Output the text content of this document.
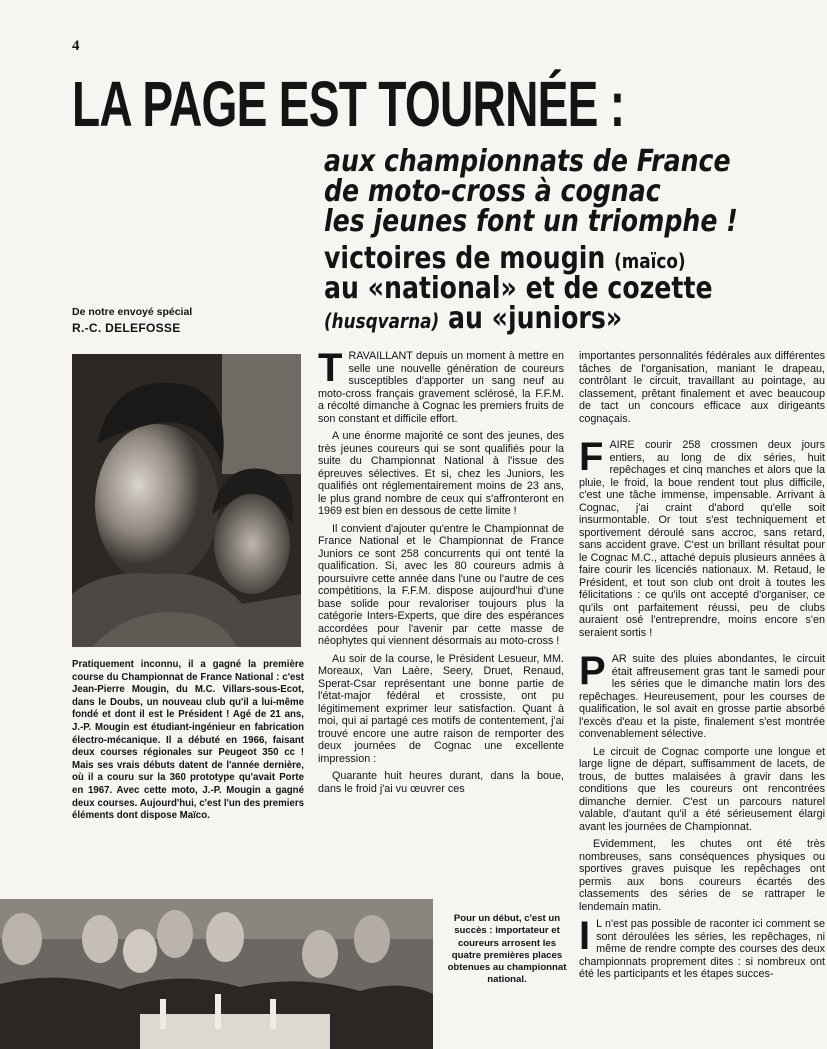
4
LA PAGE EST TOURNÉE :
aux championnats de France
de moto-cross à cognac
les jeunes font un triomphe !
victoires de mougin (maïco)
au «national» et de cozette
(husqvarna) au «juniors»
De notre envoyé spécial
R.-C. DELEFOSSE
Pratiquement inconnu, il a gagné la première course du Championnat de France National : c'est Jean-Pierre Mougin, du M.C. Villars-sous-Ecot, dans le Doubs, un nouveau club qu'il a lui-même fondé et dont il est le Président ! Agé de 21 ans, J.-P. Mougin est étudiant-ingénieur en fabrication électro-mécanique. Il a débuté en 1966, faisant deux courses régionales sur Peugeot 350 cc ! Mais ses vrais débuts datent de l'année dernière, où il a couru sur la 360 prototype qu'avait Porte en 1967. Avec cette moto, J.-P. Mougin a gagné deux courses. Aujourd'hui, c'est l'un des premiers éléments dont dispose Maïco.

TRAVAILLANT depuis un moment à mettre en selle une nouvelle génération de coureurs susceptibles d'apporter un sang neuf au moto-cross français gravement sclérosé, la F.F.M. a récolté dimanche à Cognac les premiers fruits de son constant et difficile effort.

A une énorme majorité ce sont des jeunes, des très jeunes coureurs qui se sont qualifiés pour la suite du Championnat National à l'issue des épreuves sélectives. Et si, chez les Juniors, les qualifiés ont réglementairement moins de 23 ans, le plus grand nombre de ceux qui s'affronteront en 1969 est bien en dessous de cette limite !

Il convient d'ajouter qu'entre le Championnat de France National et le Championnat de France Juniors ce sont 258 concurrents qui ont tenté la qualification. Si, avec les 80 coureurs admis à poursuivre cette année dans l'une ou l'autre de ces compétitions, la F.F.M. dispose aujourd'hui d'une base solide pour revaloriser toujours plus la catégorie Inters-Experts, que dire des espérances accordées pour l'avenir par cette masse de néophytes qui viennent désormais au moto-cross !

Au soir de la course, le Président Lesueur, MM. Moreaux, Van Laère, Seery, Druet, Renaud, Sperat-Csar représentant une bonne partie de l'état-major fédéral et crossiste, ont pu légitimement exprimer leur satisfaction. Quant à moi, qui ai partagé ces motifs de contentement, j'ai trouvé encore une autre raison de remporter des deux journées de Cognac une excellente impression :

Quarante huit heures durant, dans la boue, dans le froid j'ai vu œuvrer ces

importantes personnalités fédérales aux différentes tâches de l'organisation, maniant le drapeau, contrôlant le circuit, travaillant au pointage, au classement, prêtant finalement et avec beaucoup de tact un concours efficace aux dirigeants cognaçais.

FAIRE courir 258 crossmen deux jours entiers, au long de dix séries, huit repêchages et cinq manches et alors que la pluie, le froid, la boue rendent tout plus difficile, c'est une tâche immense, impensable. Arrivant à Cognac, j'ai craint d'abord qu'elle soit insurmontable. Or tout s'est techniquement et sportivement déroulé sans accroc, sans retard, sans accident grave. C'est un brillant résultat pour le Cognac M.C., attaché depuis plusieurs années à faire courir les licenciés nationaux. M. Retaud, le Président, et tout son club ont droit à toutes les félicitations : ce qu'ils ont accepté d'organiser, ce qu'ils ont parfaitement réussi, peu de clubs auraient osé l'entreprendre, moins encore s'en seraient sortis !

PAR suite des pluies abondantes, le circuit était affreusement gras tant le samedi pour les séries que le dimanche matin lors des repêchages. Heureusement, pour les courses de qualification, le sol avait en grosse partie absorbé l'excès d'eau et la piste, finalement s'est montrée convenablement sélective.

Le circuit de Cognac comporte une longue et large ligne de départ, suffisamment de lacets, de trous, de buttes malaisées à gravir dans les conditions que les coureurs ont rencontrées dimanche dernier. C'est un parcours naturel valable, d'autant qu'il a été sérieusement élargi avant les journées de Championnat.

Evidemment, les chutes ont été très nombreuses, sans conséquences physiques ou sportives graves puisque les repêchages ont permis aux bons coureurs écartés des classements des séries de se rattraper le lendemain matin.

I L n'est pas possible de raconter ici comment se sont déroulées les séries, les repêchages, ni même de rendre compte des courses des deux championnats proprement dites : si nombreux ont été les participants et les étapes succes-

Pour un début, c'est un succès : importateur et coureurs arrosent les quatre premières places obtenues au championnat national.
